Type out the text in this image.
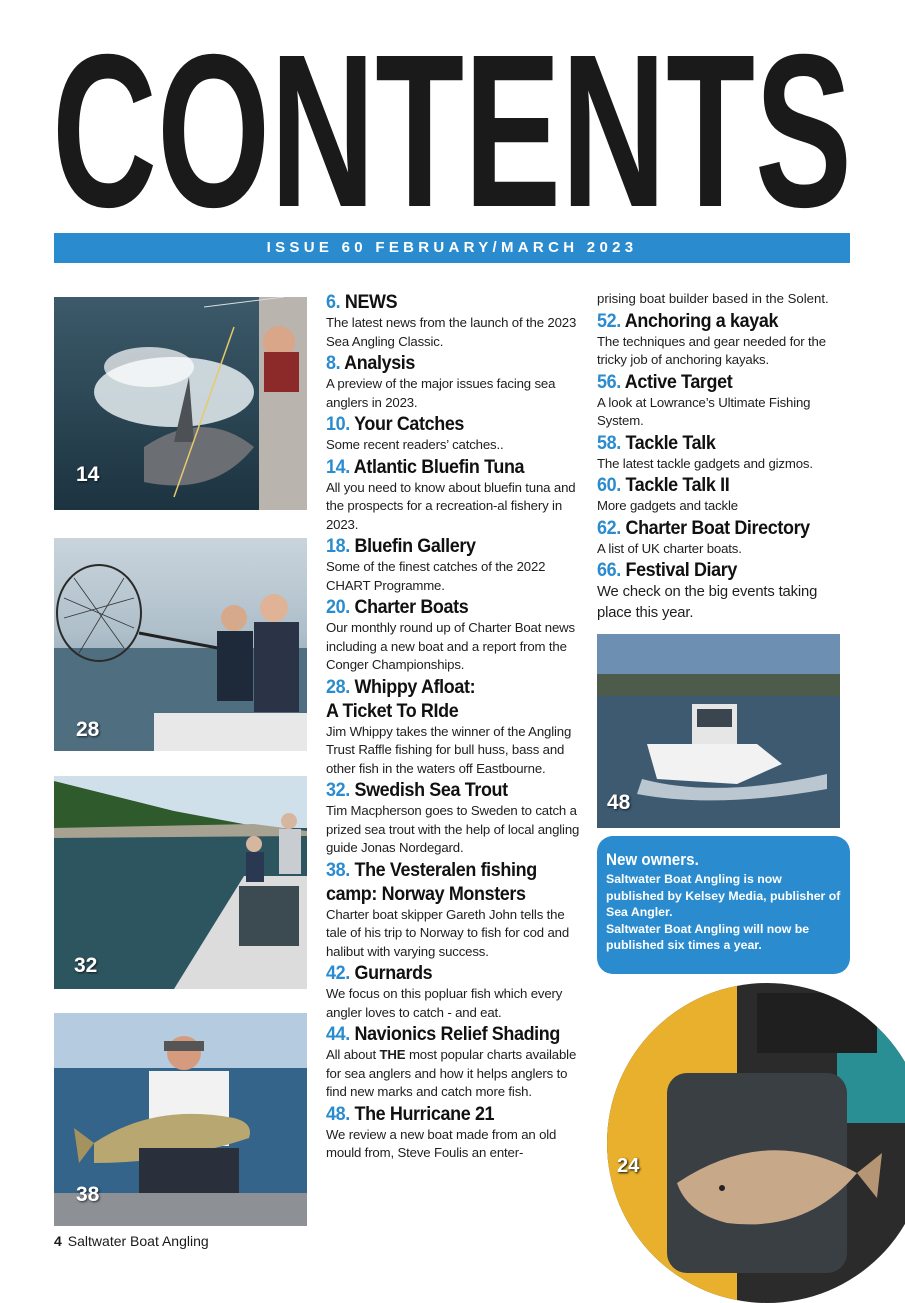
CONTENTS
ISSUE 60 FEBRUARY/MARCH 2023
14
28
32
38
48
6. NEWS
The latest news from the launch of the 2023 Sea Angling Classic.
8. Analysis
A preview of the major issues facing sea anglers in 2023.
10. Your Catches
Some recent readers’ catches..
14. Atlantic Bluefin Tuna
All you need to know about bluefin tuna and the prospects for a recreation-al fishery in 2023.
18. Bluefin Gallery
Some of the finest catches of the 2022 CHART Programme.
20. Charter Boats
Our monthly round up of Charter Boat news including a new boat and a report from the Conger Championships.
28. Whippy Afloat:
A Ticket To RIde
Jim Whippy takes the winner of the Angling Trust Raffle fishing for bull huss, bass and other fish in the waters off Eastbourne.
32. Swedish Sea Trout
Tim Macpherson goes to Sweden to catch a prized sea trout with the help of local angling guide Jonas Nordegard.
38. The Vesteralen fishing
camp: Norway Monsters
Charter boat skipper Gareth John tells the tale of his trip to Norway to fish for cod and halibut with varying success.
42. Gurnards
We focus on this popluar fish which every angler loves to catch - and eat.
44. Navionics Relief Shading
All about THE most popular charts available for sea anglers and how it helps anglers to find new marks and catch more fish.
48. The Hurricane 21
We review a new boat made from an old mould from, Steve Foulis an enter-
prising boat builder based in the Solent.
52. Anchoring a kayak
The techniques and gear needed for the tricky job of anchoring kayaks.
56. Active Target
A look at Lowrance’s Ultimate Fishing System.
58. Tackle Talk
The latest tackle gadgets and gizmos.
60. Tackle Talk II
More gadgets and tackle
62. Charter Boat Directory
A list of UK charter boats.
66. Festival Diary
We check on the big events taking place this year.
New owners.
Saltwater Boat Angling is now published by Kelsey Media, publisher of Sea Angler.
Saltwater Boat Angling will now be published six times a year.
24
4 Saltwater Boat Angling
